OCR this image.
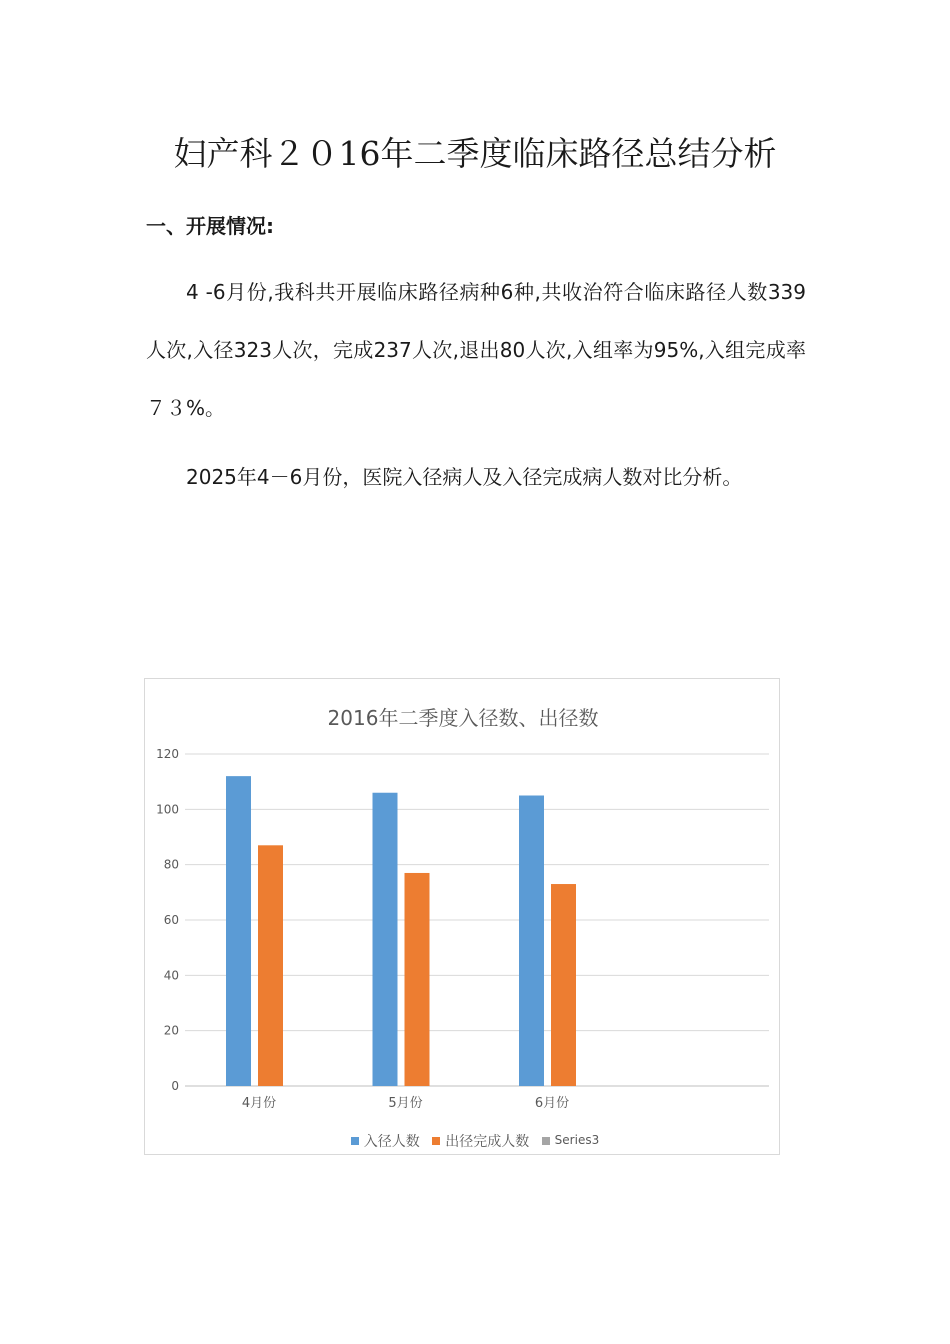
妇产科２０16年二季度临床路径总结分析
一、开展情况:

4 -6月份,我科共开展临床路径病种6种,共收治符合临床路径人数339人次,入径323人次，完成237人次,退出80人次,入组率为95%,入组完成率７３%。

2025年4－6月份，医院入径病人及入径完成病人数对比分析。

2016年二季度入径数、出径数
0
20
40
60
80
100
120
4月份	5月份	6月份
入径人数 出径完成人数 Series3
